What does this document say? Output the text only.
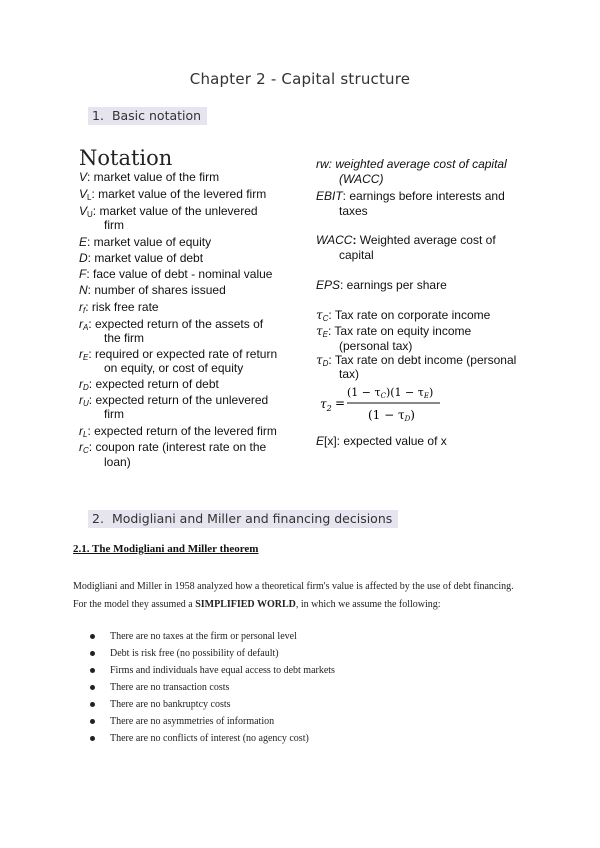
Chapter 2 - Capital structure
1. Basic notation
Notation
V: market value of the firm
$V_L$: market value of the levered firm
$V_U$: market value of the unlevered
firm
E: market value of equity
D: market value of debt
F: face value of debt - nominal value
N: number of shares issued
$r_f$: risk free rate
$r_A$: expected return of the assets of
the firm
$r_E$: required or expected rate of return
on equity, or cost of equity
$r_D$: expected return of debt
$r_U$: expected return of the unlevered
firm
$r_L$: expected return of the levered firm
$r_C$: coupon rate (interest rate on the
loan)
rw: weighted average cost of capital
(WACC)
EBIT: earnings before interests and
taxes
WACC: Weighted average cost of
capital
EPS: earnings per share
$\tau_C$: Tax rate on corporate income
$\tau_E$: Tax rate on equity income
(personal tax)
$\tau_D$: Tax rate on debt income (personal
tax)
E[x]: expected value of x
$\tau_2$ =
(1 − τC)(1 − τE)
(1 − τD)
2. Modigliani and Miller and financing decisions
2.1. The Modigliani and Miller theorem
Modigliani and Miller in 1958 analyzed how a theoretical firm's value is affected by the use of debt financing.
For the model they assumed a SIMPLIFIED WORLD, in which we assume the following:
There are no taxes at the firm or personal level
Debt is risk free (no possibility of default)
Firms and individuals have equal access to debt markets
There are no transaction costs
There are no bankruptcy costs
There are no asymmetries of information
There are no conflicts of interest (no agency cost)
